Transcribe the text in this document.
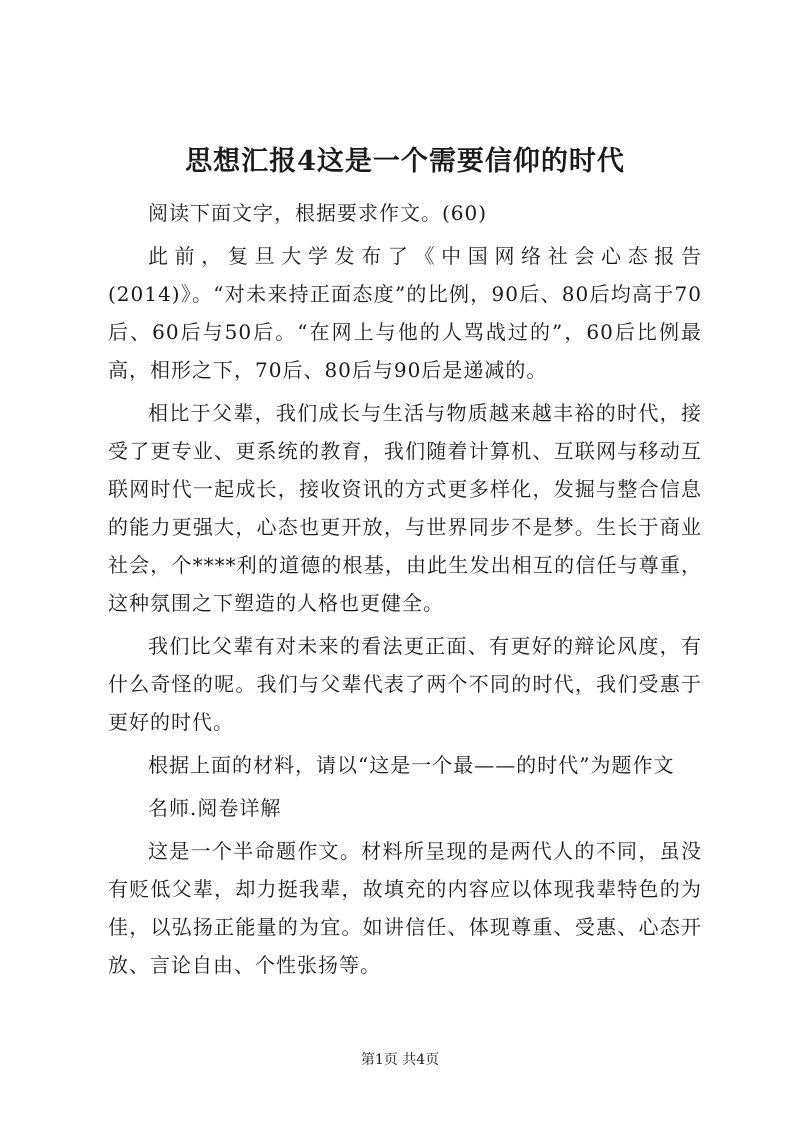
思想汇报4这是一个需要信仰的时代

阅读下面文字，根据要求作文。(60)

此前，复旦大学发布了《中国网络社会心态报告(2014)》。“对未来持正面态度”的比例，90后、80后均高于70后、60后与50后。“在网上与他的人骂战过的”，60后比例最高，相形之下，70后、80后与90后是递减的。

相比于父辈，我们成长与生活与物质越来越丰裕的时代，接受了更专业、更系统的教育，我们随着计算机、互联网与移动互联网时代一起成长，接收资讯的方式更多样化，发掘与整合信息的能力更强大，心态也更开放，与世界同步不是梦。生长于商业社会，个****利的道德的根基，由此生发出相互的信任与尊重，这种氛围之下塑造的人格也更健全。

我们比父辈有对未来的看法更正面、有更好的辩论风度，有什么奇怪的呢。我们与父辈代表了两个不同的时代，我们受惠于更好的时代。

根据上面的材料，请以“这是一个最——的时代”为题作文

名师.阅卷详解

这是一个半命题作文。材料所呈现的是两代人的不同，虽没有贬低父辈，却力挺我辈，故填充的内容应以体现我辈特色的为佳，以弘扬正能量的为宜。如讲信任、体现尊重、受惠、心态开放、言论自由、个性张扬等。

第1页 共4页
